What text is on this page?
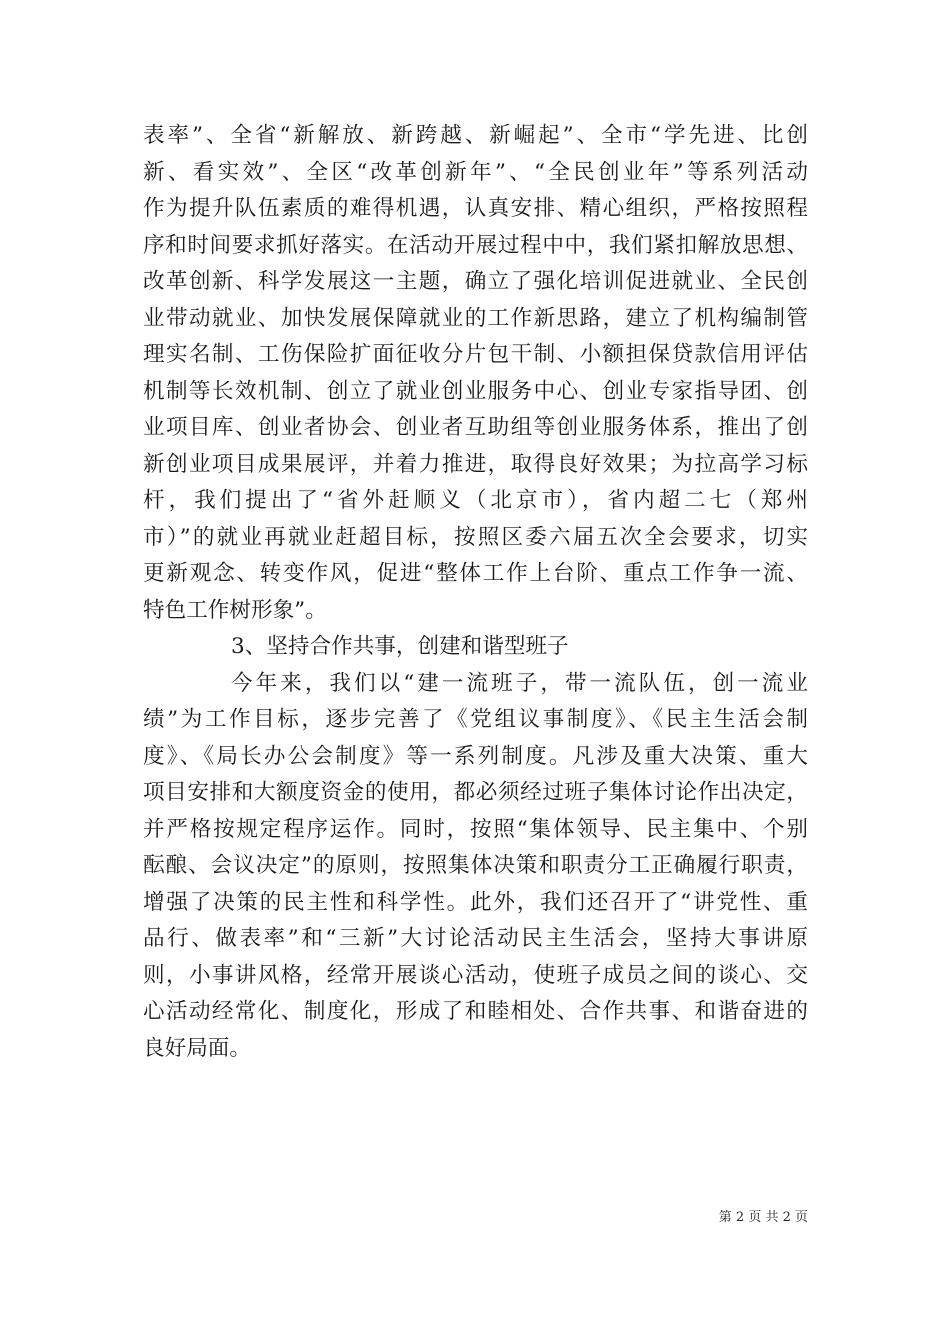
表率”、全省“新解放、新跨越、新崛起”、全市“学先进、比创
新、看实效”、全区“改革创新年”、“全民创业年”等系列活动
作为提升队伍素质的难得机遇，认真安排、精心组织，严格按照程
序和时间要求抓好落实。在活动开展过程中中，我们紧扣解放思想、
改革创新、科学发展这一主题，确立了强化培训促进就业、全民创
业带动就业、加快发展保障就业的工作新思路，建立了机构编制管
理实名制、工伤保险扩面征收分片包干制、小额担保贷款信用评估
机制等长效机制、创立了就业创业服务中心、创业专家指导团、创
业项目库、创业者协会、创业者互助组等创业服务体系，推出了创
新创业项目成果展评，并着力推进，取得良好效果；为拉高学习标
杆，我们提出了“省外赶顺义（北京市），省内超二七（郑州
市）”的就业再就业赶超目标，按照区委六届五次全会要求，切实
更新观念、转变作风，促进“整体工作上台阶、重点工作争一流、
特色工作树形象”。
3、坚持合作共事，创建和谐型班子
今年来，我们以“建一流班子，带一流队伍，创一流业
绩”为工作目标，逐步完善了《党组议事制度》、《民主生活会制
度》、《局长办公会制度》等一系列制度。凡涉及重大决策、重大
项目安排和大额度资金的使用，都必须经过班子集体讨论作出决定，
并严格按规定程序运作。同时，按照“集体领导、民主集中、个别
酝酿、会议决定”的原则，按照集体决策和职责分工正确履行职责，
增强了决策的民主性和科学性。此外，我们还召开了“讲党性、重
品行、做表率”和“三新”大讨论活动民主生活会，坚持大事讲原
则，小事讲风格，经常开展谈心活动，使班子成员之间的谈心、交
心活动经常化、制度化，形成了和睦相处、合作共事、和谐奋进的
良好局面。
第 2 页 共 2 页
